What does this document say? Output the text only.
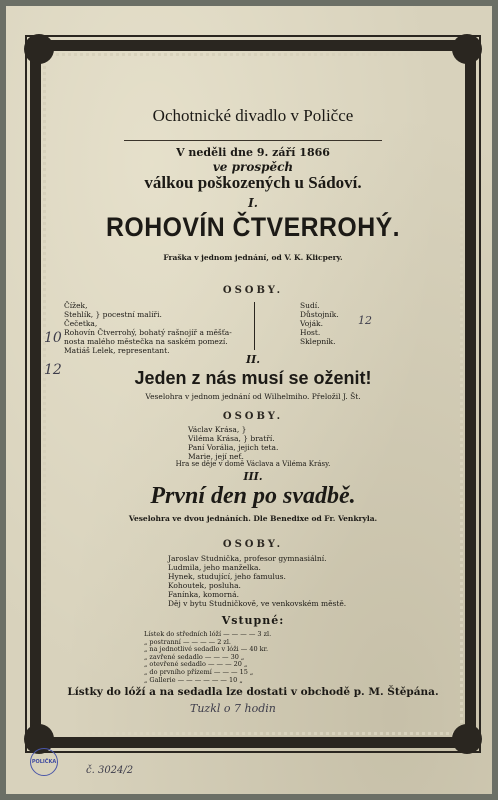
Ochotnické divadlo v Poličce
V neděli dne 9. září 1866
ve prospěch
válkou poškozených u Sádoví.
I.
ROHOVÍN ČTVERROHÝ.
Fraška v jednom jednání, od V. K. Klicpery.
OSOBY.
Čížek,
Stehlík, } pocestní malíři.
Čečetka,
Rohovín Čtverrohý, bohatý rašnojíř a měšťa-
nosta malého městečka na saském pomezí.
Matiáš Lelek, representant.
Sudí.
Důstojník.
Voják.
Host.
Sklepník.
II.
Jeden z nás musí se oženit!
Veselohra v jednom jednání od Wilhelmiho. Přeložil J. Št.
OSOBY.
Václav Krása, }
Viléma Krása, } bratří.
Paní Vorália, jejich teta.
Marie, její neť.
Hra se děje v domě Václava a Viléma Krásy.
III.
První den po svadbě.
Veselohra ve dvou jednáních. Dle Benedixe od Fr. Venkryla.
OSOBY.
Jaroslav Studnička, profesor gymnasiální.
Ludmila, jeho manželka.
Hynek, studující, jeho famulus.
Kohoutek, posluha.
Fanínka, komorná.
Děj v bytu Studničkově, ve venkovském městě.
Vstupné:
Lístek do středních lóží — — — — 3 zl.
„ postranní — — — — 2 zl.
„ na jednotlivé sedadlo v lóži — 40 kr.
„ zavřené sedadlo — — — 30 „
„ otevřené sedadlo — — — 20 „
„ do prvního přízemí — — — 15 „
„ Gallerie — — — — — — 10 „
Lístky do lóží a na sedadla lze dostati v obchodě p. M. Štěpána.
10
12
12
Tuzkl o 7 hodin
POLIČKA
č. 3024/2
